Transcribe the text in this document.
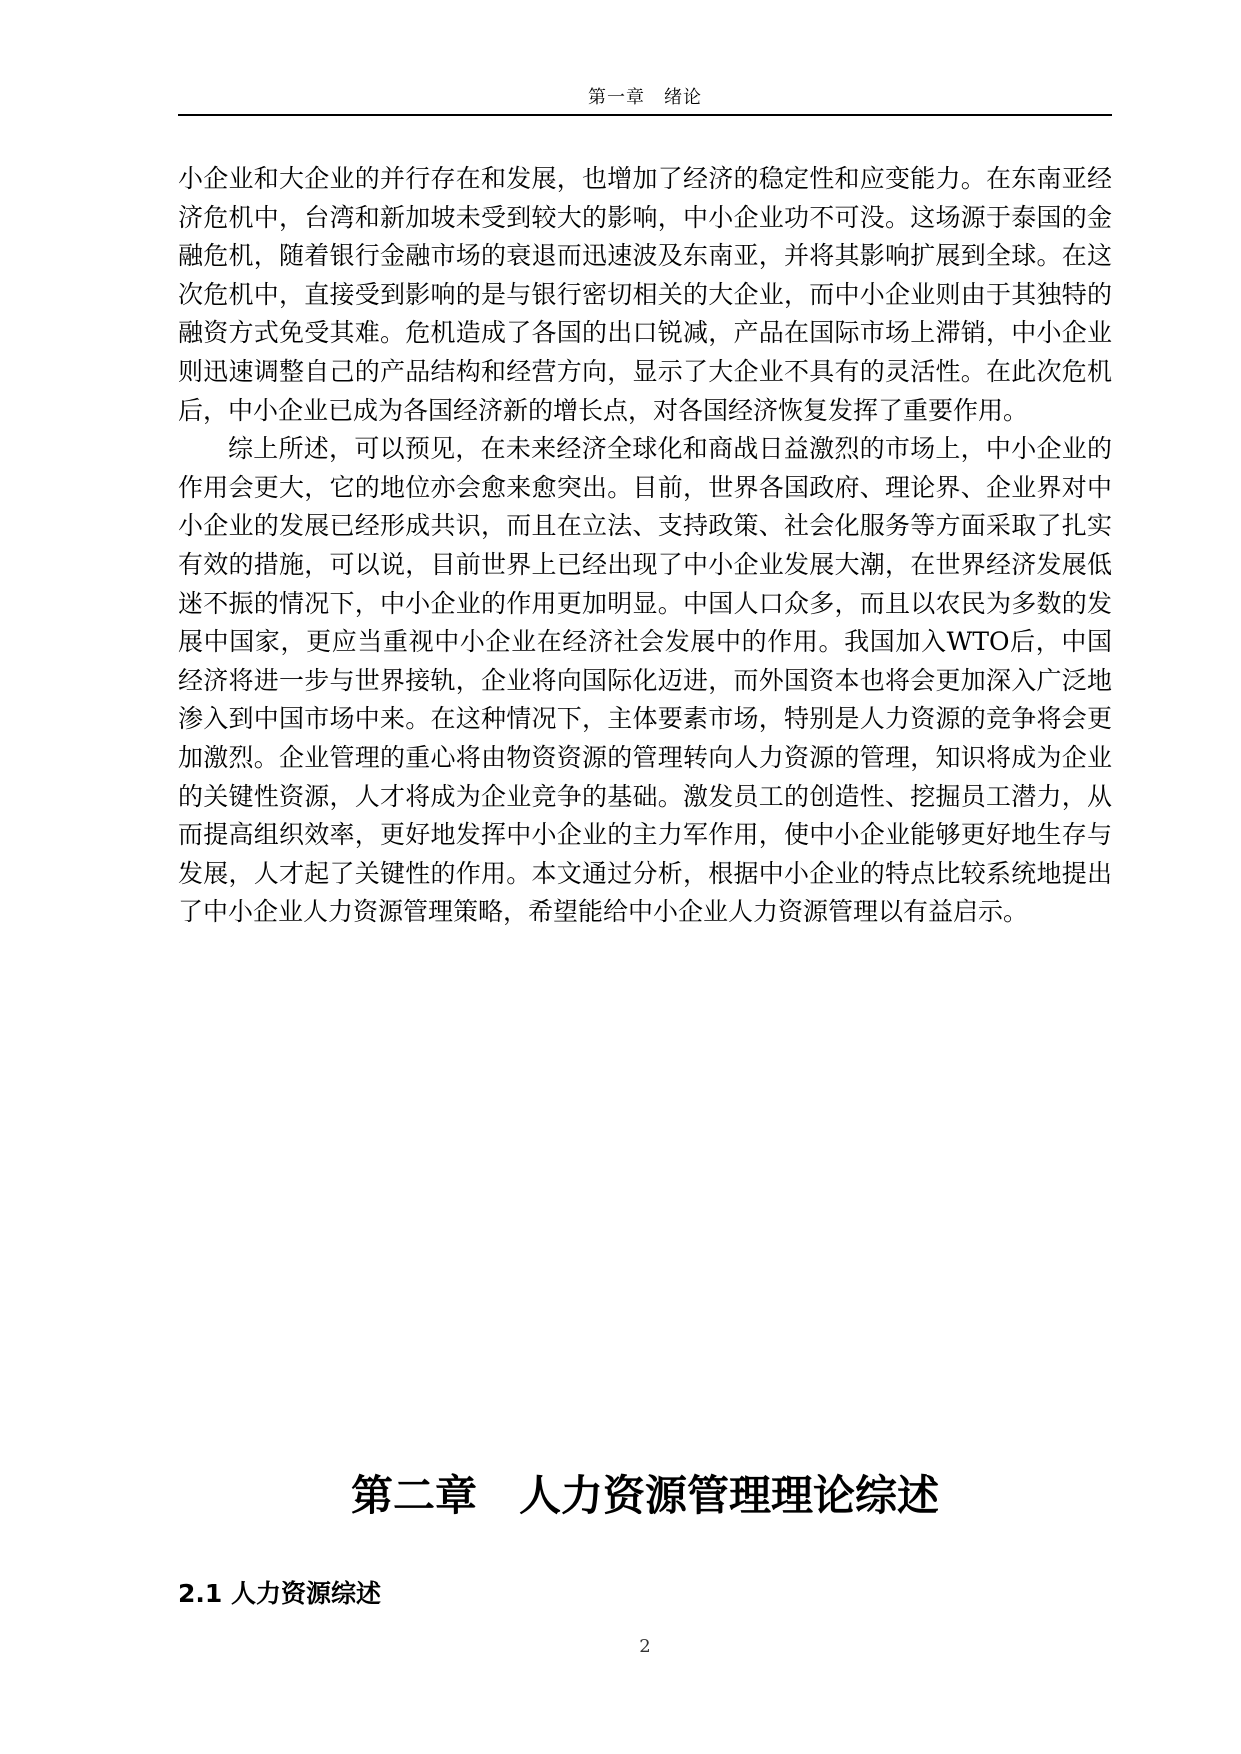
第一章　绪论

小企业和大企业的并行存在和发展，也增加了经济的稳定性和应变能力。在东南亚经济危机中，台湾和新加坡未受到较大的影响，中小企业功不可没。这场源于泰国的金融危机，随着银行金融市场的衰退而迅速波及东南亚，并将其影响扩展到全球。在这次危机中，直接受到影响的是与银行密切相关的大企业，而中小企业则由于其独特的融资方式免受其难。危机造成了各国的出口锐减，产品在国际市场上滞销，中小企业则迅速调整自己的产品结构和经营方向，显示了大企业不具有的灵活性。在此次危机后，中小企业已成为各国经济新的增长点，对各国经济恢复发挥了重要作用。

综上所述，可以预见，在未来经济全球化和商战日益激烈的市场上，中小企业的作用会更大，它的地位亦会愈来愈突出。目前，世界各国政府、理论界、企业界对中小企业的发展已经形成共识，而且在立法、支持政策、社会化服务等方面采取了扎实有效的措施，可以说，目前世界上已经出现了中小企业发展大潮，在世界经济发展低迷不振的情况下，中小企业的作用更加明显。中国人口众多，而且以农民为多数的发展中国家，更应当重视中小企业在经济社会发展中的作用。我国加入WTO后，中国经济将进一步与世界接轨，企业将向国际化迈进，而外国资本也将会更加深入广泛地渗入到中国市场中来。在这种情况下，主体要素市场，特别是人力资源的竞争将会更加激烈。企业管理的重心将由物资资源的管理转向人力资源的管理，知识将成为企业的关键性资源，人才将成为企业竞争的基础。激发员工的创造性、挖掘员工潜力，从而提高组织效率，更好地发挥中小企业的主力军作用，使中小企业能够更好地生存与发展，人才起了关键性的作用。本文通过分析，根据中小企业的特点比较系统地提出了中小企业人力资源管理策略，希望能给中小企业人力资源管理以有益启示。

第二章　人力资源管理理论综述
2.1 人力资源综述
2
